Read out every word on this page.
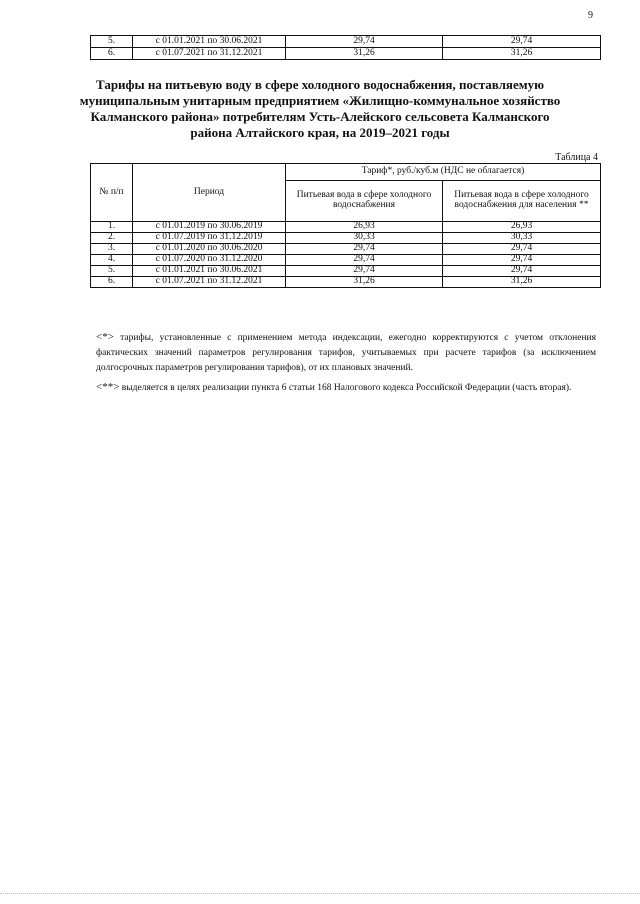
9
5.	с 01.01.2021 по 30.06.2021	29,74	29,74
6.	с 01.07.2021 по 31.12.2021	31,26	31,26
Тарифы на питьевую воду в сфере холодного водоснабжения, поставляемую муниципальным унитарным предприятием «Жилищно-коммунальное хозяйство Калманского района» потребителям Усть-Алейского сельсовета Калманского района Алтайского края, на 2019–2021 годы
Таблица 4
№ п/п	Период	Тариф*, руб./куб.м (НДС не облагается)	
		Питьевая вода в сфере холодного водоснабжения	Питьевая вода в сфере холодного водоснабжения для населения **
1.	с 01.01.2019 по 30.06.2019	26,93	26,93
2.	с 01.07.2019 по 31.12.2019	30,33	30,33
3.	с 01.01.2020 по 30.06.2020	29,74	29,74
4.	с 01.07.2020 по 31.12.2020	29,74	29,74
5.	с 01.01.2021 по 30.06.2021	29,74	29,74
6.	с 01.07.2021 по 31.12.2021	31,26	31,26

<*> тарифы, установленные с применением метода индексации, ежегодно корректируются с учетом отклонения фактических значений параметров регулирования тарифов, учитываемых при расчете тарифов (за исключением долгосрочных параметров регулирования тарифов), от их плановых значений.

<**> выделяется в целях реализации пункта 6 статьи 168 Налогового кодекса Российской Федерации (часть вторая).
